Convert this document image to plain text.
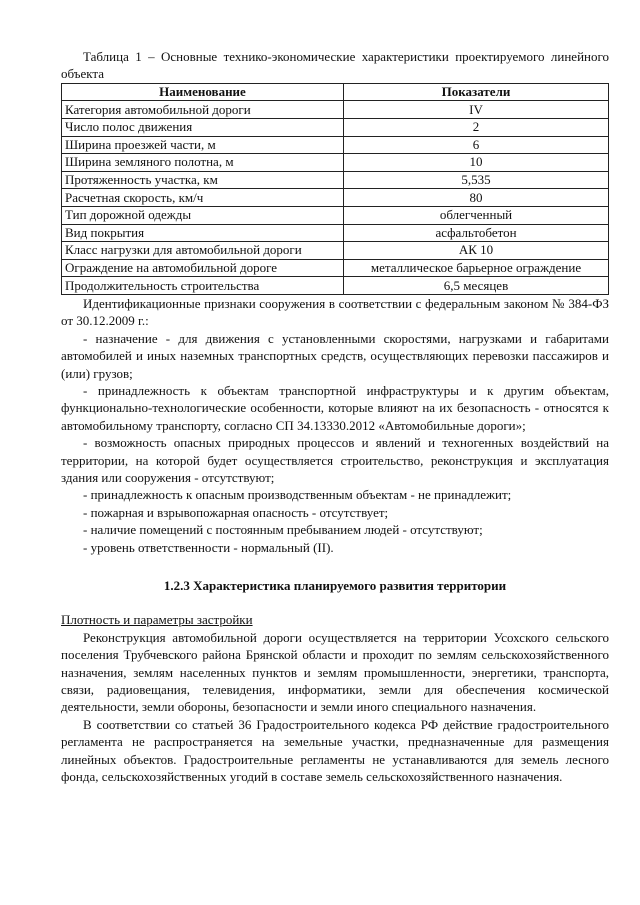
Таблица 1 – Основные технико-экономические характеристики проектируемого линейного объекта

Наименование	Показатели
Категория автомобильной дороги	IV
Число полос движения	2
Ширина проезжей части, м	6
Ширина земляного полотна, м	10
Протяженность участка, км	5,535
Расчетная скорость, км/ч	80
Тип дорожной одежды	облегченный
Вид покрытия	асфальтобетон
Класс нагрузки для автомобильной дороги	АК 10
Ограждение на автомобильной дороге	металлическое барьерное ограждение
Продолжительность строительства	6,5 месяцев

Идентификационные признаки сооружения в соответствии с федеральным законом № 384-ФЗ от 30.12.2009 г.:

- назначение - для движения с установленными скоростями, нагрузками и габаритами автомобилей и иных наземных транспортных средств, осуществляющих перевозки пассажиров и (или) грузов;

- принадлежность к объектам транспортной инфраструктуры и к другим объектам, функционально-технологические особенности, которые влияют на их безопасность - относятся к автомобильному транспорту, согласно СП 34.13330.2012 «Автомобильные дороги»;

- возможность опасных природных процессов и явлений и техногенных воздействий на территории, на которой будет осуществляется строительство, реконструкция и эксплуатация здания или сооружения - отсутствуют;

- принадлежность к опасным производственным объектам - не принадлежит;

- пожарная и взрывопожарная опасность - отсутствует;

- наличие помещений с постоянным пребыванием людей - отсутствуют;

- уровень ответственности - нормальный (II).

1.2.3 Характеристика планируемого развития территории

Плотность и параметры застройки

Реконструкция автомобильной дороги осуществляется на территории Усохского сельского поселения Трубчевского района Брянской области и проходит по землям сельскохозяйственного назначения, землям населенных пунктов и землям промышленности, энергетики, транспорта, связи, радиовещания, телевидения, информатики, земли для обеспечения космической деятельности, земли обороны, безопасности и земли иного специального назначения.

В соответствии со статьей 36 Градостроительного кодекса РФ действие градостроительного регламента не распространяется на земельные участки, предназначенные для размещения линейных объектов. Градостроительные регламенты не устанавливаются для земель лесного фонда, сельскохозяйственных угодий в составе земель сельскохозяйственного назначения.
